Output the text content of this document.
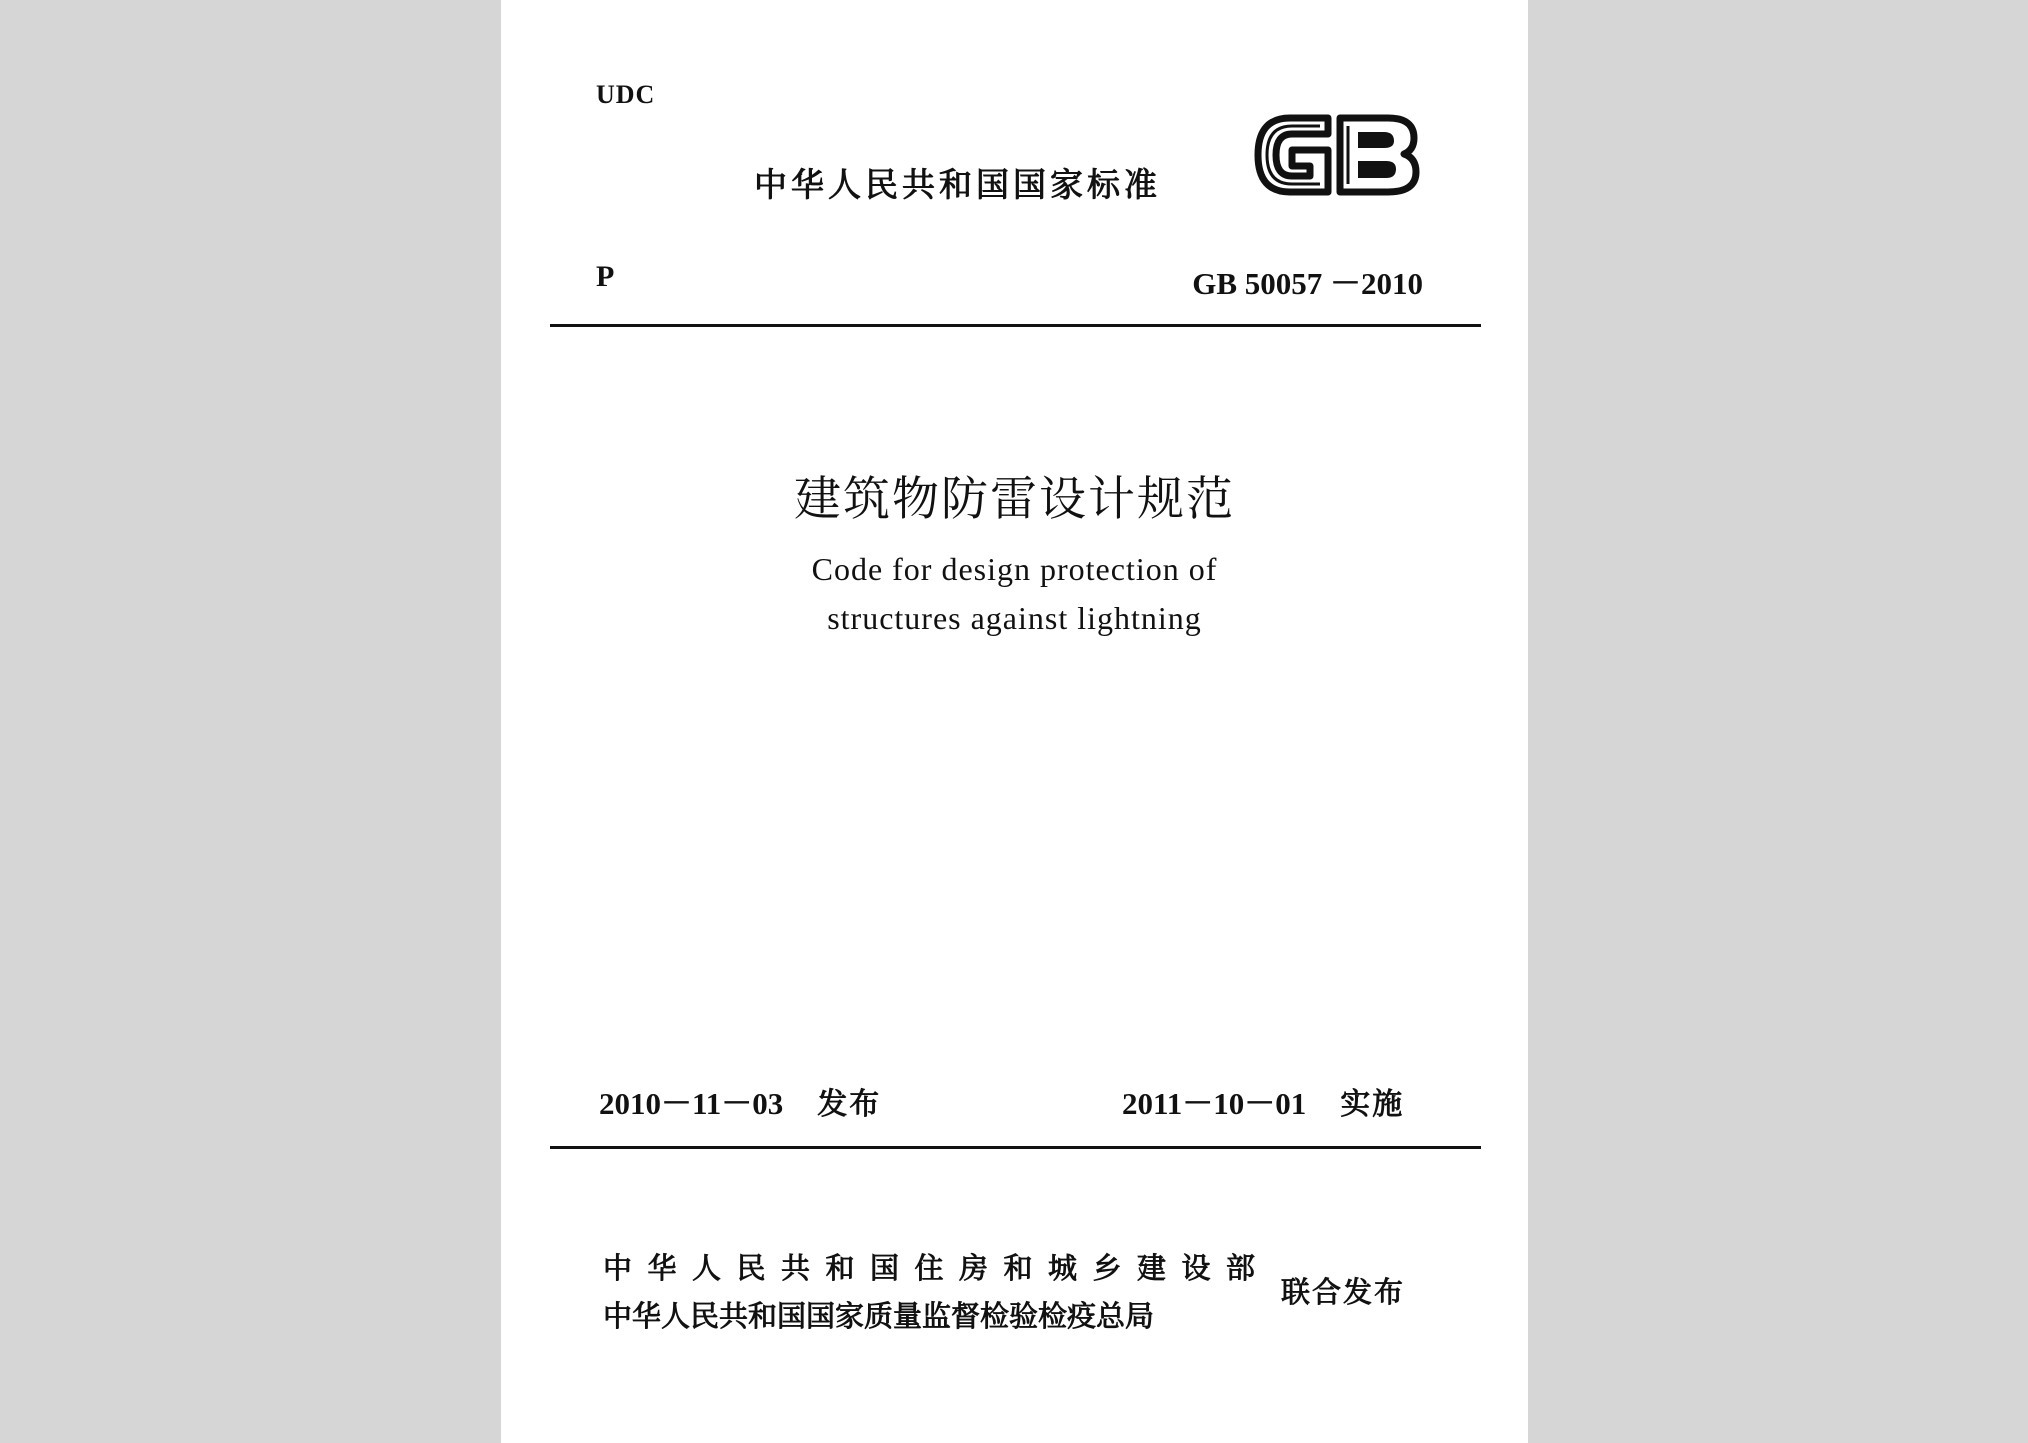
UDC
中华人民共和国国家标准
P	GB 50057 －2010
建筑物防雷设计规范
Code for design protection of
structures against lightning
2010－11－03 发布	2011－10－01 实施
中华人民共和国住房和城乡建设部
中华人民共和国国家质量监督检验检疫总局
联合发布
